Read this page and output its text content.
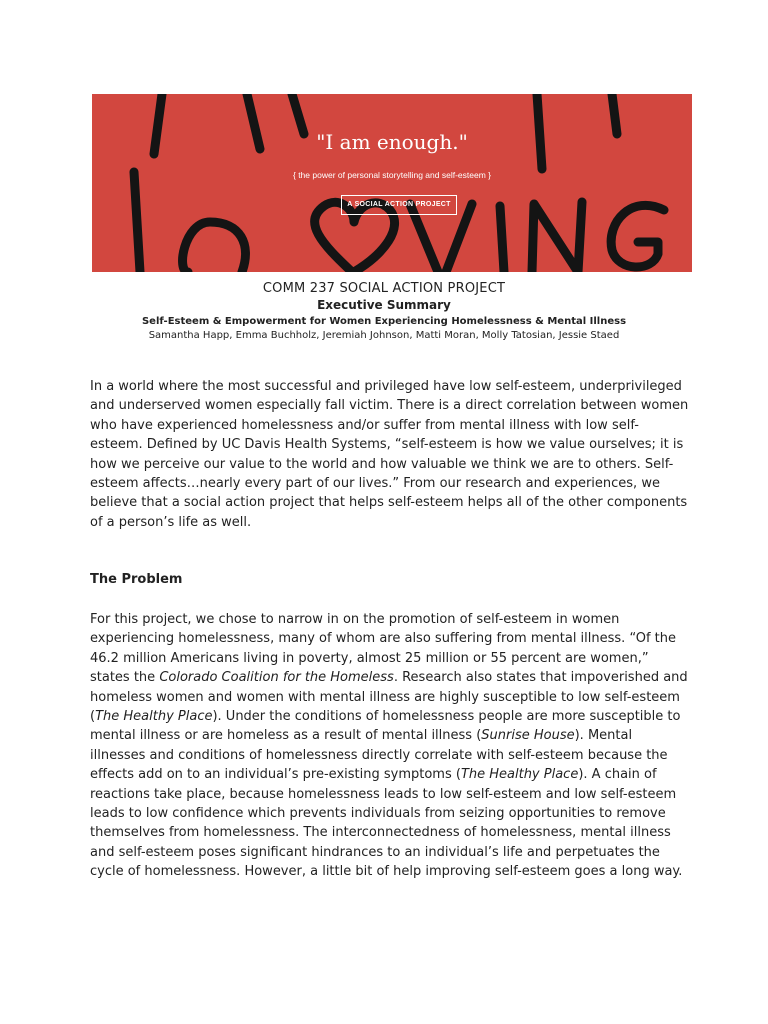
"I am enough."
{ the power of personal storytelling and self-esteem }
A SOCIAL ACTION PROJECT
COMM 237 SOCIAL ACTION PROJECT
Executive Summary
Self-Esteem & Empowerment for Women Experiencing Homelessness & Mental Illness
Samantha Happ, Emma Buchholz, Jeremiah Johnson, Matti Moran, Molly Tatosian, Jessie Staed

In a world where the most successful and privileged have low self-esteem, underprivileged and underserved women especially fall victim. There is a direct correlation between women who have experienced homelessness and/or suffer from mental illness with low self-esteem. Defined by UC Davis Health Systems, “self-esteem is how we value ourselves; it is how we perceive our value to the world and how valuable we think we are to others. Self-esteem affects…nearly every part of our lives.” From our research and experiences, we believe that a social action project that helps self-esteem helps all of the other components of a person’s life as well.

The Problem

For this project, we chose to narrow in on the promotion of self-esteem in women experiencing homelessness, many of whom are also suffering from mental illness. “Of the 46.2 million Americans living in poverty, almost 25 million or 55 percent are women,” states the Colorado Coalition for the Homeless. Research also states that impoverished and homeless women and women with mental illness are highly susceptible to low self-esteem (The Healthy Place). Under the conditions of homelessness people are more susceptible to mental illness or are homeless as a result of mental illness (Sunrise House). Mental illnesses and conditions of homelessness directly correlate with self-esteem because the effects add on to an individual’s pre-existing symptoms (The Healthy Place). A chain of reactions take place, because homelessness leads to low self-esteem and low self-esteem leads to low confidence which prevents individuals from seizing opportunities to remove themselves from homelessness. The interconnectedness of homelessness, mental illness and self-esteem poses significant hindrances to an individual’s life and perpetuates the cycle of homelessness. However, a little bit of help improving self-esteem goes a long way.
